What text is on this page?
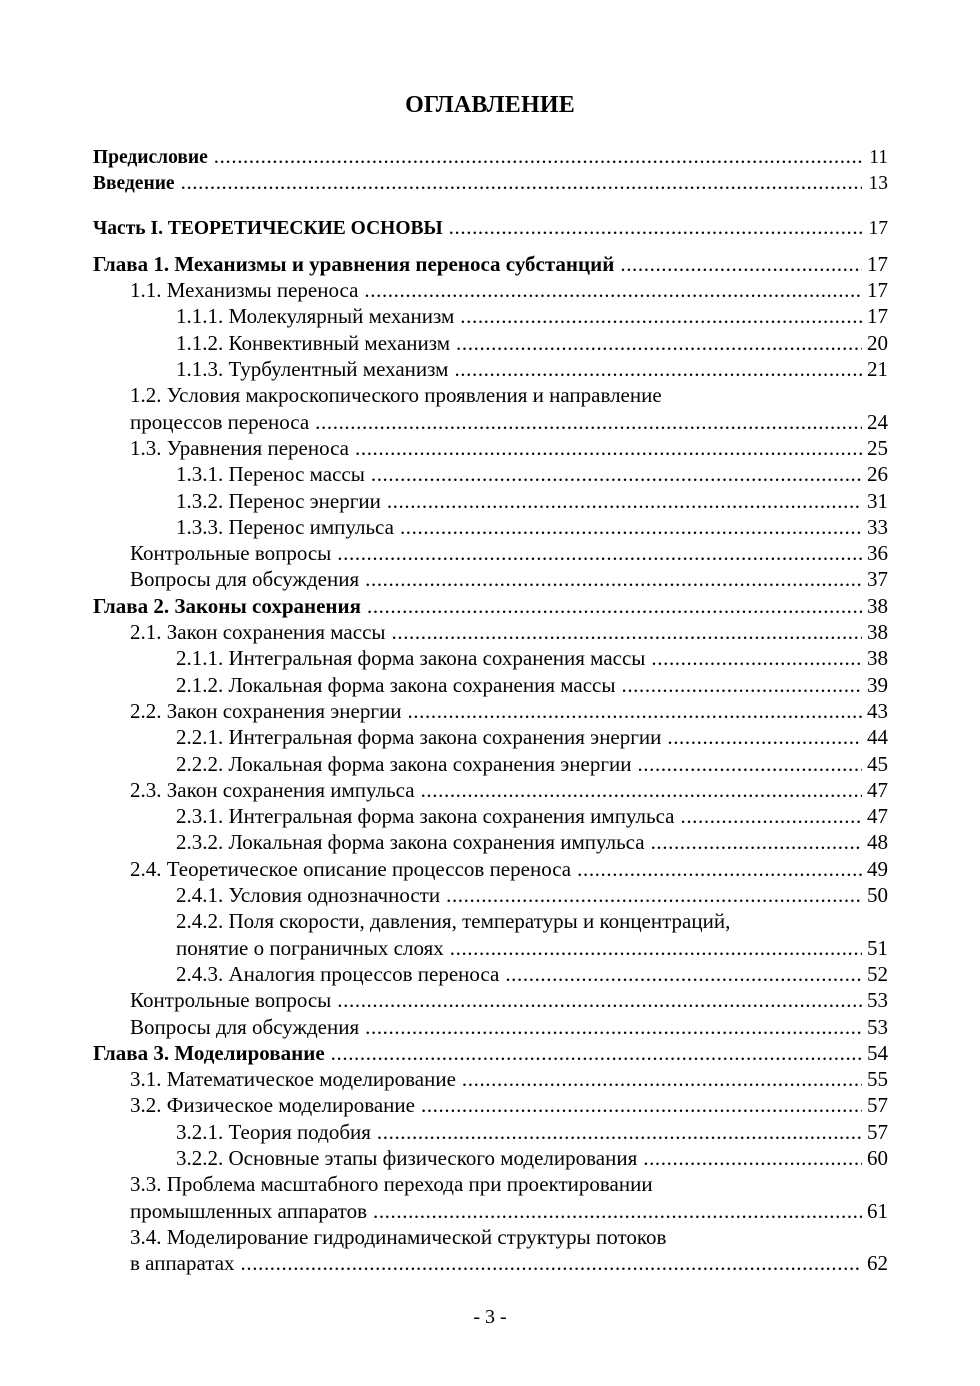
ОГЛАВЛЕНИЕ
Предисловие .....	11
Введение .....	13
Часть I. ТЕОРЕТИЧЕСКИЕ ОСНОВЫ .....	17
Глава 1. Механизмы и уравнения переноса субстанций .....	17
1.1. Механизмы переноса .....	17
1.1.1. Молекулярный механизм .....	17
1.1.2. Конвективный механизм .....	20
1.1.3. Турбулентный механизм .....	21
1.2. Условия макроскопического проявления и направление
процессов переноса .....	24
1.3. Уравнения переноса .....	25
1.3.1. Перенос массы .....	26
1.3.2. Перенос энергии .....	31
1.3.3. Перенос импульса .....	33
Контрольные вопросы .....	36
Вопросы для обсуждения .....	37
Глава 2. Законы сохранения .....	38
2.1. Закон сохранения массы .....	38
2.1.1. Интегральная форма закона сохранения массы .....	38
2.1.2. Локальная форма закона сохранения массы .....	39
2.2. Закон сохранения энергии .....	43
2.2.1. Интегральная форма закона сохранения энергии .....	44
2.2.2. Локальная форма закона сохранения энергии .....	45
2.3. Закон сохранения импульса .....	47
2.3.1. Интегральная форма закона сохранения импульса .....	47
2.3.2. Локальная форма закона сохранения импульса .....	48
2.4. Теоретическое описание процессов переноса .....	49
2.4.1. Условия однозначности .....	50
2.4.2. Поля скорости, давления, температуры и концентраций,
понятие о пограничных слоях .....	51
2.4.3. Аналогия процессов переноса .....	52
Контрольные вопросы .....	53
Вопросы для обсуждения .....	53
Глава 3. Моделирование .....	54
3.1. Математическое моделирование .....	55
3.2. Физическое моделирование .....	57
3.2.1. Теория подобия .....	57
3.2.2. Основные этапы физического моделирования .....	60
3.3. Проблема масштабного перехода при проектировании
промышленных аппаратов .....	61
3.4. Моделирование гидродинамической структуры потоков
в аппаратах .....	62
- 3 -
